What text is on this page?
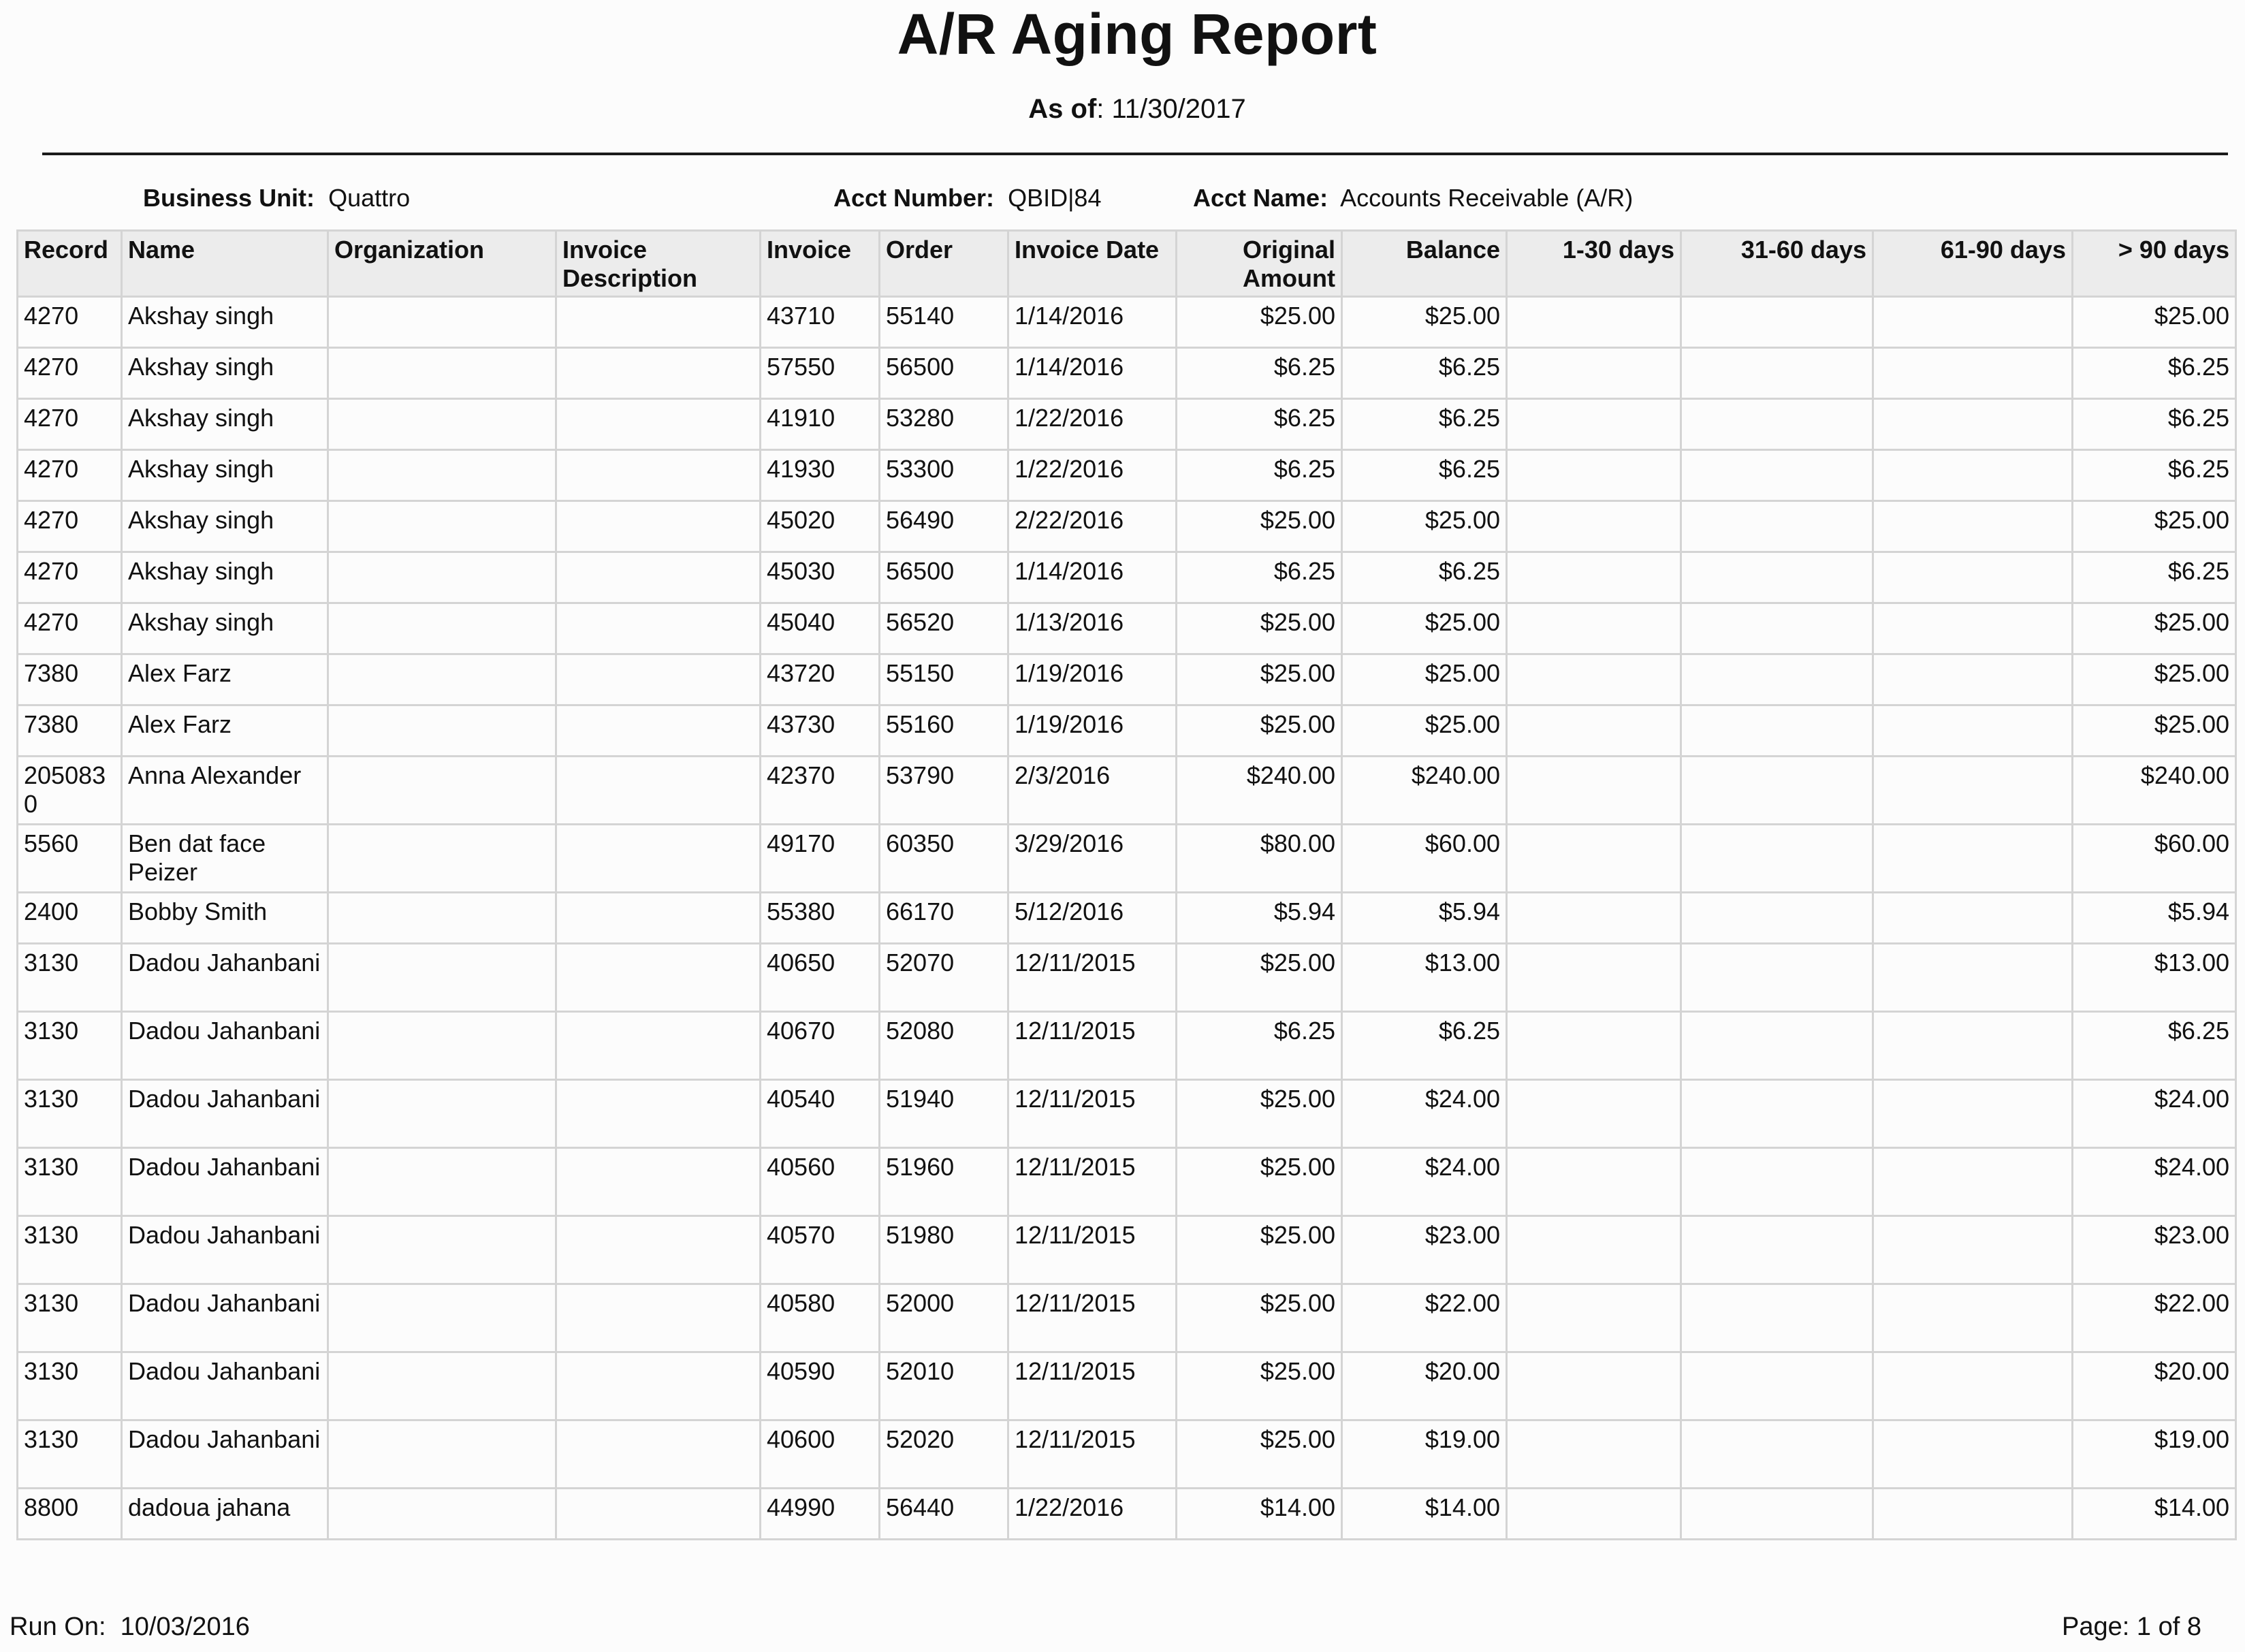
A/R Aging Report
As of: 11/30/2017
Business Unit: Quattro	Acct Number: QBID|84	Acct Name: Accounts Receivable (A/R)
Record	Name	Organization	Invoice Description	Invoice	Order	Invoice Date	Original Amount	Balance	1-30 days	31-60 days	61-90 days	> 90 days
4270	Akshay singh			43710	55140	1/14/2016	$25.00	$25.00				$25.00
4270	Akshay singh			57550	56500	1/14/2016	$6.25	$6.25				$6.25
4270	Akshay singh			41910	53280	1/22/2016	$6.25	$6.25				$6.25
4270	Akshay singh			41930	53300	1/22/2016	$6.25	$6.25				$6.25
4270	Akshay singh			45020	56490	2/22/2016	$25.00	$25.00				$25.00
4270	Akshay singh			45030	56500	1/14/2016	$6.25	$6.25				$6.25
4270	Akshay singh			45040	56520	1/13/2016	$25.00	$25.00				$25.00
7380	Alex Farz			43720	55150	1/19/2016	$25.00	$25.00				$25.00
7380	Alex Farz			43730	55160	1/19/2016	$25.00	$25.00				$25.00
2050830	Anna Alexander			42370	53790	2/3/2016	$240.00	$240.00				$240.00
5560	Ben dat face Peizer			49170	60350	3/29/2016	$80.00	$60.00				$60.00
2400	Bobby Smith			55380	66170	5/12/2016	$5.94	$5.94				$5.94
3130	Dadou Jahanbani			40650	52070	12/11/2015	$25.00	$13.00				$13.00
3130	Dadou Jahanbani			40670	52080	12/11/2015	$6.25	$6.25				$6.25
3130	Dadou Jahanbani			40540	51940	12/11/2015	$25.00	$24.00				$24.00
3130	Dadou Jahanbani			40560	51960	12/11/2015	$25.00	$24.00				$24.00
3130	Dadou Jahanbani			40570	51980	12/11/2015	$25.00	$23.00				$23.00
3130	Dadou Jahanbani			40580	52000	12/11/2015	$25.00	$22.00				$22.00
3130	Dadou Jahanbani			40590	52010	12/11/2015	$25.00	$20.00				$20.00
3130	Dadou Jahanbani			40600	52020	12/11/2015	$25.00	$19.00				$19.00
8800	dadoua jahana			44990	56440	1/22/2016	$14.00	$14.00				$14.00
Run On: 10/03/2016	Page: 1 of 8
